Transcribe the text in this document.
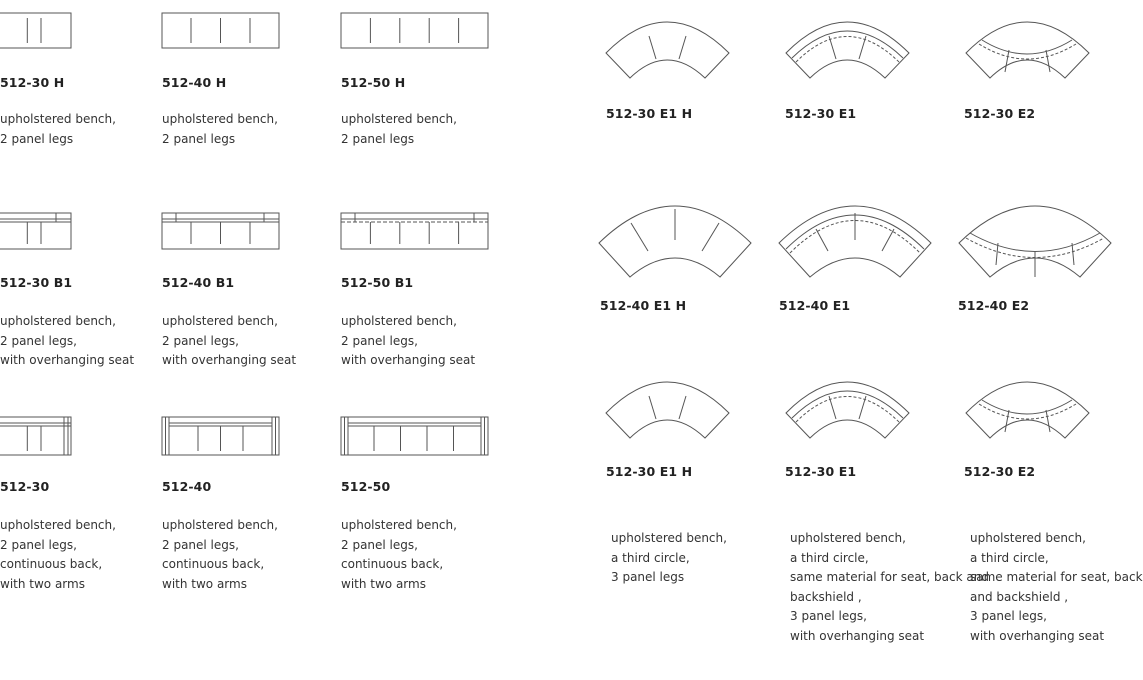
512-30 H
upholstered bench,
2 panel legs
512-40 H
upholstered bench,
2 panel legs
512-50 H
upholstered bench,
2 panel legs
512-30 B1
upholstered bench,
2 panel legs,
with overhanging seat
512-40 B1
upholstered bench,
2 panel legs,
with overhanging seat
512-50 B1
upholstered bench,
2 panel legs,
with overhanging seat
512-30
upholstered bench,
2 panel legs,
continuous back,
with two arms
512-40
upholstered bench,
2 panel legs,
continuous back,
with two arms
512-50
upholstered bench,
2 panel legs,
continuous back,
with two arms
512-30 E1 H	512-30 E1	512-30 E2
512-40 E1 H	512-40 E1	512-40 E2
512-30 E1 H	512-30 E1	512-30 E2
upholstered bench,
a third circle,
3 panel legs
upholstered bench,
a third circle,
same material for seat, back and
backshield ,
3 panel legs,
with overhanging seat
upholstered bench,
a third circle,
same material for seat, back
and backshield ,
3 panel legs,
with overhanging seat
